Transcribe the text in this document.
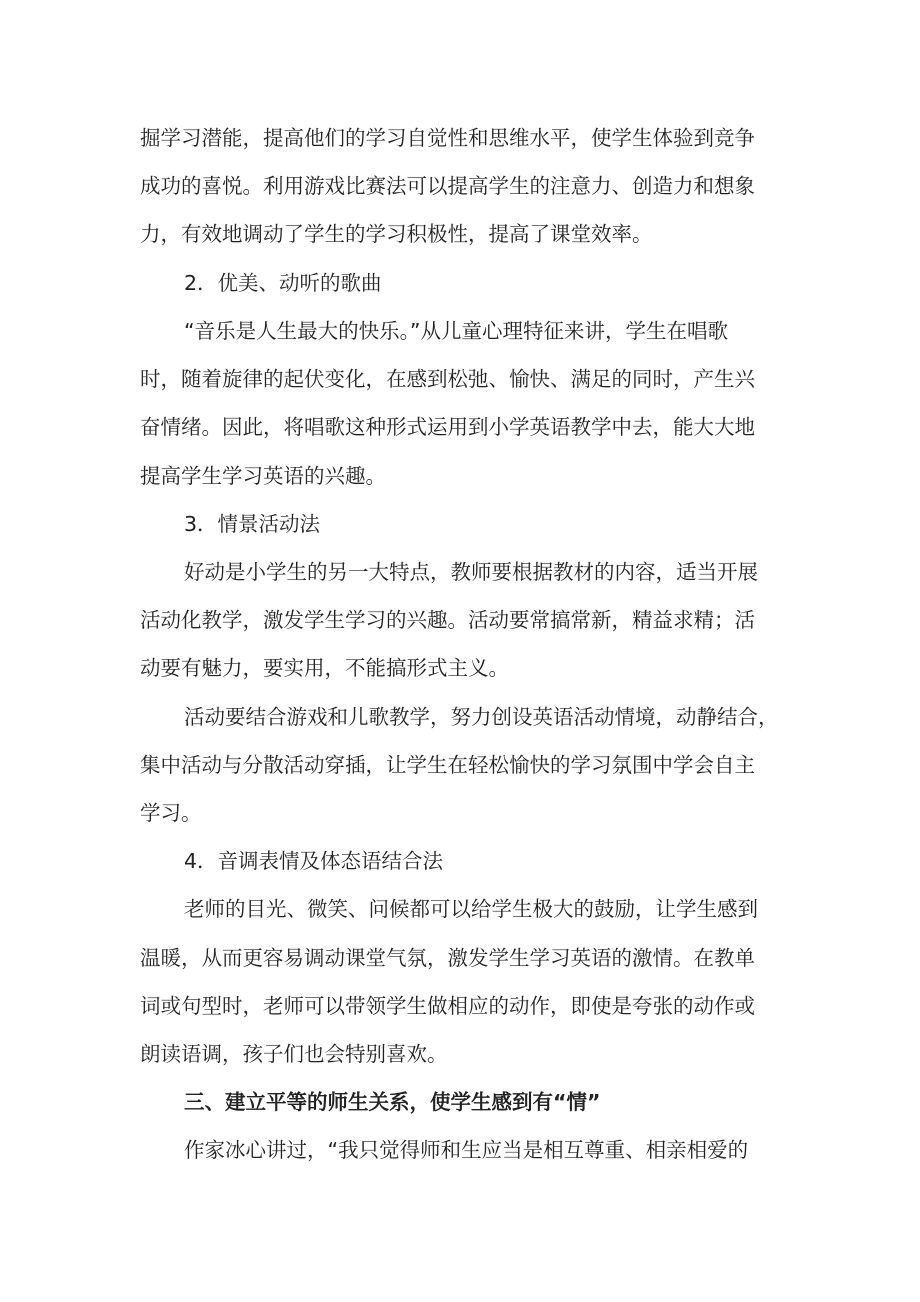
掘学习潜能，提高他们的学习自觉性和思维水平，使学生体验到竞争
成功的喜悦。利用游戏比赛法可以提高学生的注意力、创造力和想象
力，有效地调动了学生的学习积极性，提高了课堂效率。
2．优美、动听的歌曲
“音乐是人生最大的快乐。”从儿童心理特征来讲，学生在唱歌
时，随着旋律的起伏变化，在感到松弛、愉快、满足的同时，产生兴
奋情绪。因此，将唱歌这种形式运用到小学英语教学中去，能大大地
提高学生学习英语的兴趣。
3．情景活动法
好动是小学生的另一大特点，教师要根据教材的内容，适当开展
活动化教学，激发学生学习的兴趣。活动要常搞常新，精益求精；活
动要有魅力，要实用，不能搞形式主义。
活动要结合游戏和儿歌教学，努力创设英语活动情境，动静结合，
集中活动与分散活动穿插，让学生在轻松愉快的学习氛围中学会自主
学习。
4．音调表情及体态语结合法
老师的目光、微笑、问候都可以给学生极大的鼓励，让学生感到
温暖，从而更容易调动课堂气氛，激发学生学习英语的激情。在教单
词或句型时，老师可以带领学生做相应的动作，即使是夸张的动作或
朗读语调，孩子们也会特别喜欢。
三、建立平等的师生关系，使学生感到有“情”
作家冰心讲过，“我只觉得师和生应当是相互尊重、相亲相爱的
